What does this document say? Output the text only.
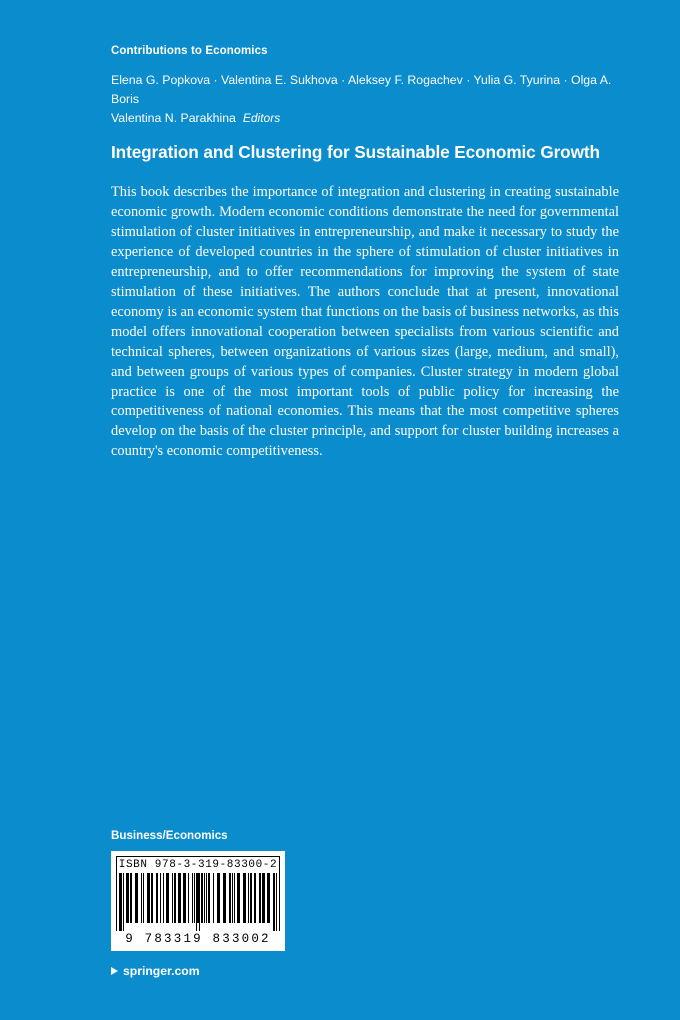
Contributions to Economics
Elena G. Popkova · Valentina E. Sukhova · Aleksey F. Rogachev · Yulia G. Tyurina · Olga A. Boris
Valentina N. Parakhina Editors
Integration and Clustering for Sustainable Economic Growth
This book describes the importance of integration and clustering in creating sustainable economic growth. Modern economic conditions demonstrate the need for governmental stimulation of cluster initiatives in entrepreneurship, and make it necessary to study the experience of developed countries in the sphere of stimulation of cluster initiatives in entrepreneurship, and to offer recommendations for improving the system of state stimulation of these initiatives. The authors conclude that at present, innovational economy is an economic system that functions on the basis of business networks, as this model offers innovational cooperation between specialists from various scientific and technical spheres, between organizations of various sizes (large, medium, and small), and between groups of various types of companies. Cluster strategy in modern global practice is one of the most important tools of public policy for increasing the competitiveness of national economies. This means that the most competitive spheres develop on the basis of the cluster principle, and support for cluster building increases a country's economic competitiveness.
Business/Economics
ISBN 978-3-319-83300-2
9 783319 833002
springer.com
